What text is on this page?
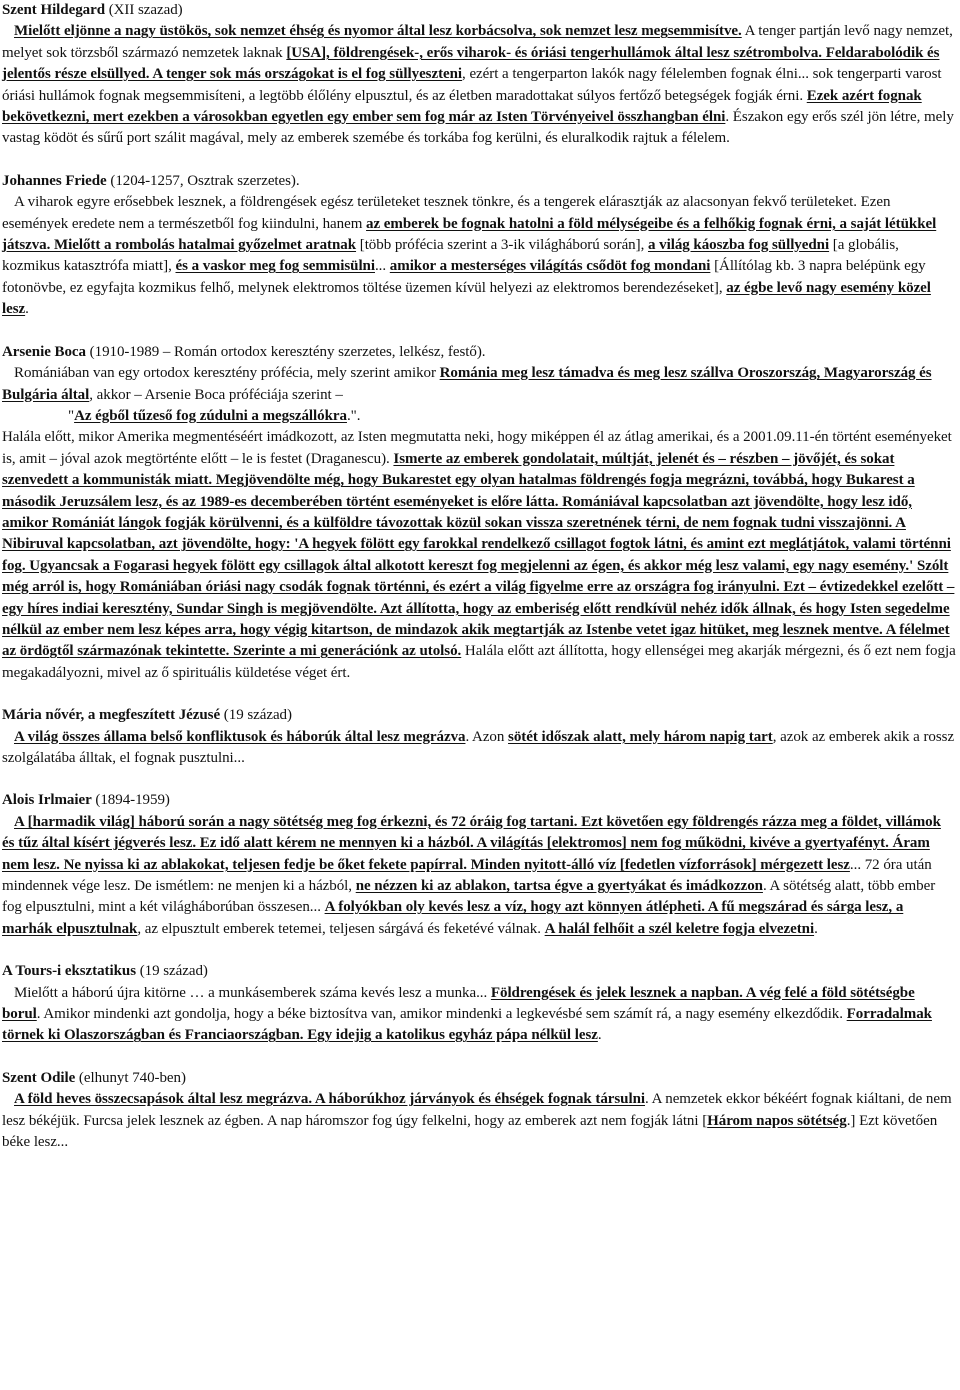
Szent Hildegard (XII szazad)

Mielőtt eljönne a nagy üstökös, sok nemzet éhség és nyomor által lesz korbácsolva, sok nemzet lesz megsemmisítve. A tenger partján levő nagy nemzet, melyet sok törzsből származó nemzetek laknak [USA], földrengések-, erős viharok- és óriási tengerhullámok által lesz szétrombolva. Feldarabolódik és jelentős része elsüllyed. A tenger sok más országokat is el fog süllyeszteni, ezért a tengerparton lakók nagy félelemben fognak élni... sok tengerparti varost óriási hullámok fognak megsemmisíteni, a legtöbb élőlény elpusztul, és az életben maradottakat súlyos fertőző betegségek fogják érni. Ezek azért fognak bekövetkezni, mert ezekben a városokban egyetlen egy ember sem fog már az Isten Törvényeivel összhangban élni. Északon egy erős szél jön létre, mely vastag ködöt és sűrű port szálit magával, mely az emberek szemébe és torkába fog kerülni, és eluralkodik rajtuk a félelem.

Johannes Friede (1204-1257, Osztrak szerzetes).

A viharok egyre erősebbek lesznek, a földrengések egész területeket tesznek tönkre, és a tengerek elárasztják az alacsonyan fekvő területeket. Ezen események eredete nem a természetből fog kiindulni, hanem az emberek be fognak hatolni a föld mélységeibe és a felhőkig fognak érni, a saját létükkel játszva. Mielőtt a rombolás hatalmai győzelmet aratnak [több prófécia szerint a 3-ik világháború során], a világ káoszba fog süllyedni [a globális, kozmikus katasztrófa miatt], és a vaskor meg fog semmisülni... amikor a mesterséges világítás csődöt fog mondani [Állítólag kb. 3 napra belépünk egy fotonövbe, ez egyfajta kozmikus felhő, melynek elektromos töltése üzemen kívül helyezi az elektromos berendezéseket], az égbe levő nagy esemény közel lesz.

Arsenie Boca (1910-1989 – Román ortodox keresztény szerzetes, lelkész, festő).

Romániában van egy ortodox keresztény prófécia, mely szerint amikor Románia meg lesz támadva és meg lesz szállva Oroszország, Magyarország és Bulgária által, akkor – Arsenie Boca próféciája szerint –

"Az égből tűzeső fog zúdulni a megszállókra.".

Halála előtt, mikor Amerika megmentéséért imádkozott, az Isten megmutatta neki, hogy miképpen él az átlag amerikai, és a 2001.09.11-én történt eseményeket is, amit – jóval azok megtörténte előtt – le is festet (Draganescu). Ismerte az emberek gondolatait, múltját, jelenét és – részben – jövőjét, és sokat szenvedett a kommunisták miatt. Megjövendölte még, hogy Bukarestet egy olyan hatalmas földrengés fogja megrázni, továbbá, hogy Bukarest a második Jeruzsálem lesz, és az 1989-es decemberében történt eseményeket is előre látta. Romániával kapcsolatban azt jövendölte, hogy lesz idő, amikor Romániát lángok fogják körülvenni, és a külföldre távozottak közül sokan vissza szeretnének térni, de nem fognak tudni visszajönni. A Nibiruval kapcsolatban, azt jövendölte, hogy: 'A hegyek fölött egy farokkal rendelkező csillagot fogtok látni, és amint ezt meglátjátok, valami történni fog. Ugyancsak a Fogarasi hegyek fölött egy csillagok által alkotott kereszt fog megjelenni az égen, és akkor még lesz valami, egy nagy esemény.' Szólt még arról is, hogy Romániában óriási nagy csodák fognak történni, és ezért a világ figyelme erre az országra fog irányulni. Ezt – évtizedekkel ezelőtt – egy híres indiai keresztény, Sundar Singh is megjövendölte. Azt állította, hogy az emberiség előtt rendkívül nehéz idők állnak, és hogy Isten segedelme nélkül az ember nem lesz képes arra, hogy végig kitartson, de mindazok akik megtartják az Istenbe vetet igaz hitüket, meg lesznek mentve. A félelmet az ördögtől származónak tekintette. Szerinte a mi generációnk az utolsó. Halála előtt azt állította, hogy ellenségei meg akarják mérgezni, és ő ezt nem fogja megakadályozni, mivel az ő spirituális küldetése véget ért.

Mária nővér, a megfeszített Jézusé (19 század)

A világ összes állama belső konfliktusok és háborúk által lesz megrázva. Azon sötét időszak alatt, mely három napig tart, azok az emberek akik a rossz szolgálatába álltak, el fognak pusztulni...

Alois Irlmaier (1894-1959)

A [harmadik világ] háború során a nagy sötétség meg fog érkezni, és 72 óráig fog tartani. Ezt követően egy földrengés rázza meg a földet, villámok és tűz által kísért jégverés lesz. Ez idő alatt kérem ne mennyen ki a házból. A világítás [elektromos] nem fog működni, kivéve a gyertyafényt. Áram nem lesz. Ne nyissa ki az ablakokat, teljesen fedje be őket fekete papírral. Minden nyitott-álló víz [fedetlen vízforrások] mérgezett lesz... 72 óra után mindennek vége lesz. De ismétlem: ne menjen ki a házból, ne nézzen ki az ablakon, tartsa égve a gyertyákat és imádkozzon. A sötétség alatt, több ember fog elpusztulni, mint a két világháborúban összesen... A folyókban oly kevés lesz a víz, hogy azt könnyen átlépheti. A fű megszárad és sárga lesz, a marhák elpusztulnak, az elpusztult emberek tetemei, teljesen sárgává és feketévé válnak. A halál felhőit a szél keletre fogja elvezetni.

A Tours-i eksztatikus (19 század)

Mielőtt a háború újra kitörne … a munkásemberek száma kevés lesz a munka... Földrengések és jelek lesznek a napban. A vég felé a föld sötétségbe borul. Amikor mindenki azt gondolja, hogy a béke biztosítva van, amikor mindenki a legkevésbé sem számít rá, a nagy esemény elkezdődik. Forradalmak törnek ki Olaszországban és Franciaországban. Egy idejig a katolikus egyház pápa nélkül lesz.

Szent Odile (elhunyt 740-ben)

A föld heves összecsapások által lesz megrázva. A háborúkhoz járványok és éhségek fognak társulni. A nemzetek ekkor békéért fognak kiáltani, de nem lesz békéjük. Furcsa jelek lesznek az égben. A nap háromszor fog úgy felkelni, hogy az emberek azt nem fogják látni [Három napos sötétség.] Ezt követően béke lesz...
